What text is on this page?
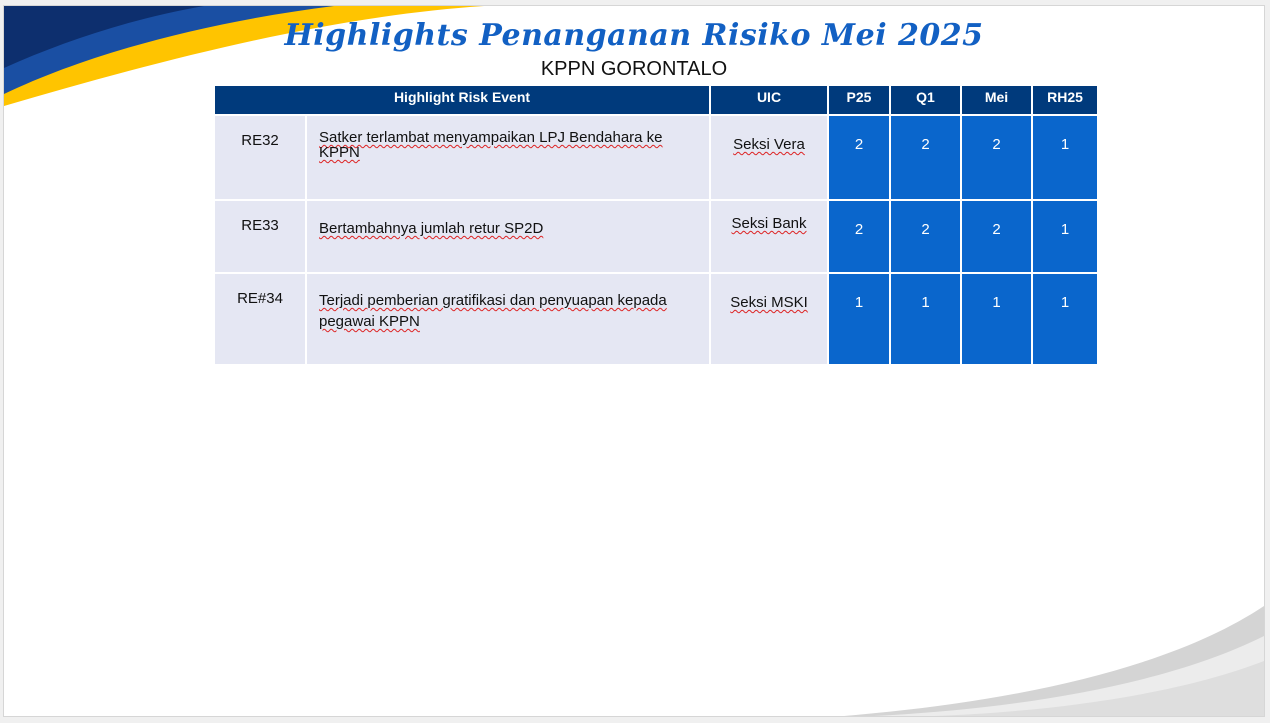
Highlights Penanganan Risiko Mei 2025
KPPN GORONTALO
Highlight Risk Event		UIC	P25	Q1	Mei	RH25
RE32	Satker terlambat menyampaikan LPJ Bendahara ke KPPN	Seksi Vera	2	2	2	1
RE33	Bertambahnya jumlah retur SP2D	Seksi Bank	2	2	2	1
RE#34	Terjadi pemberian gratifikasi dan penyuapan kepada pegawai KPPN	Seksi MSKI	1	1	1	1
